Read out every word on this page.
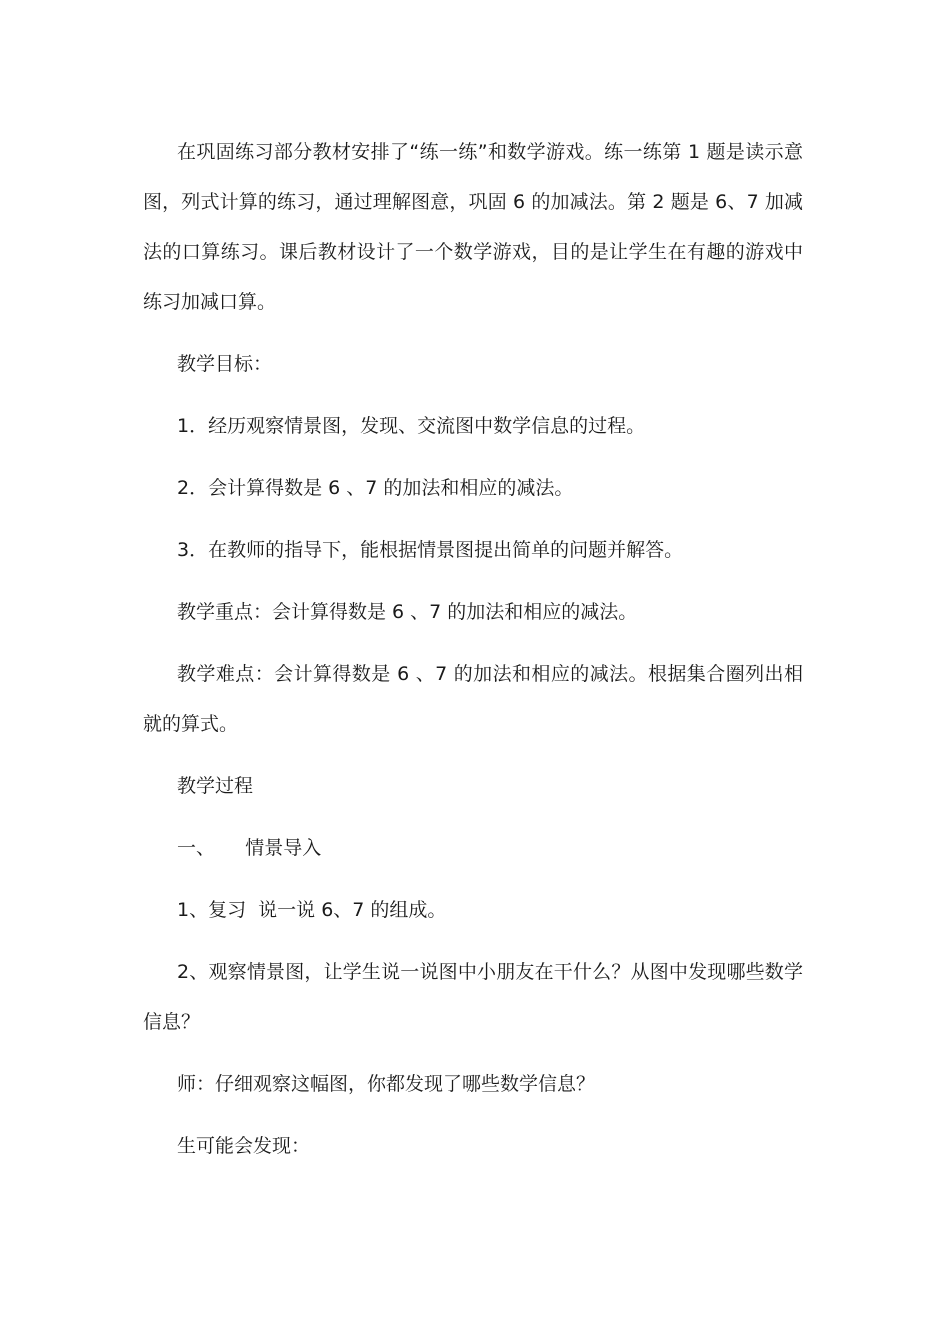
在巩固练习部分教材安排了“练一练”和数学游戏。练一练第 1 题是读示意图，列式计算的练习，通过理解图意，巩固 6 的加减法。第 2 题是 6、7 加减法的口算练习。课后教材设计了一个数学游戏，目的是让学生在有趣的游戏中练习加减口算。

教学目标：

1．经历观察情景图，发现、交流图中数学信息的过程。

2．会计算得数是 6 、7 的加法和相应的减法。

3．在教师的指导下，能根据情景图提出简单的问题并解答。

教学重点：会计算得数是 6 、7 的加法和相应的减法。

教学难点：会计算得数是 6 、7 的加法和相应的减法。根据集合圈列出相就的算式。

教学过程

一、     情景导入

1、复习  说一说 6、7 的组成。

2、观察情景图，让学生说一说图中小朋友在干什么？从图中发现哪些数学信息？

师：仔细观察这幅图，你都发现了哪些数学信息？

生可能会发现：
